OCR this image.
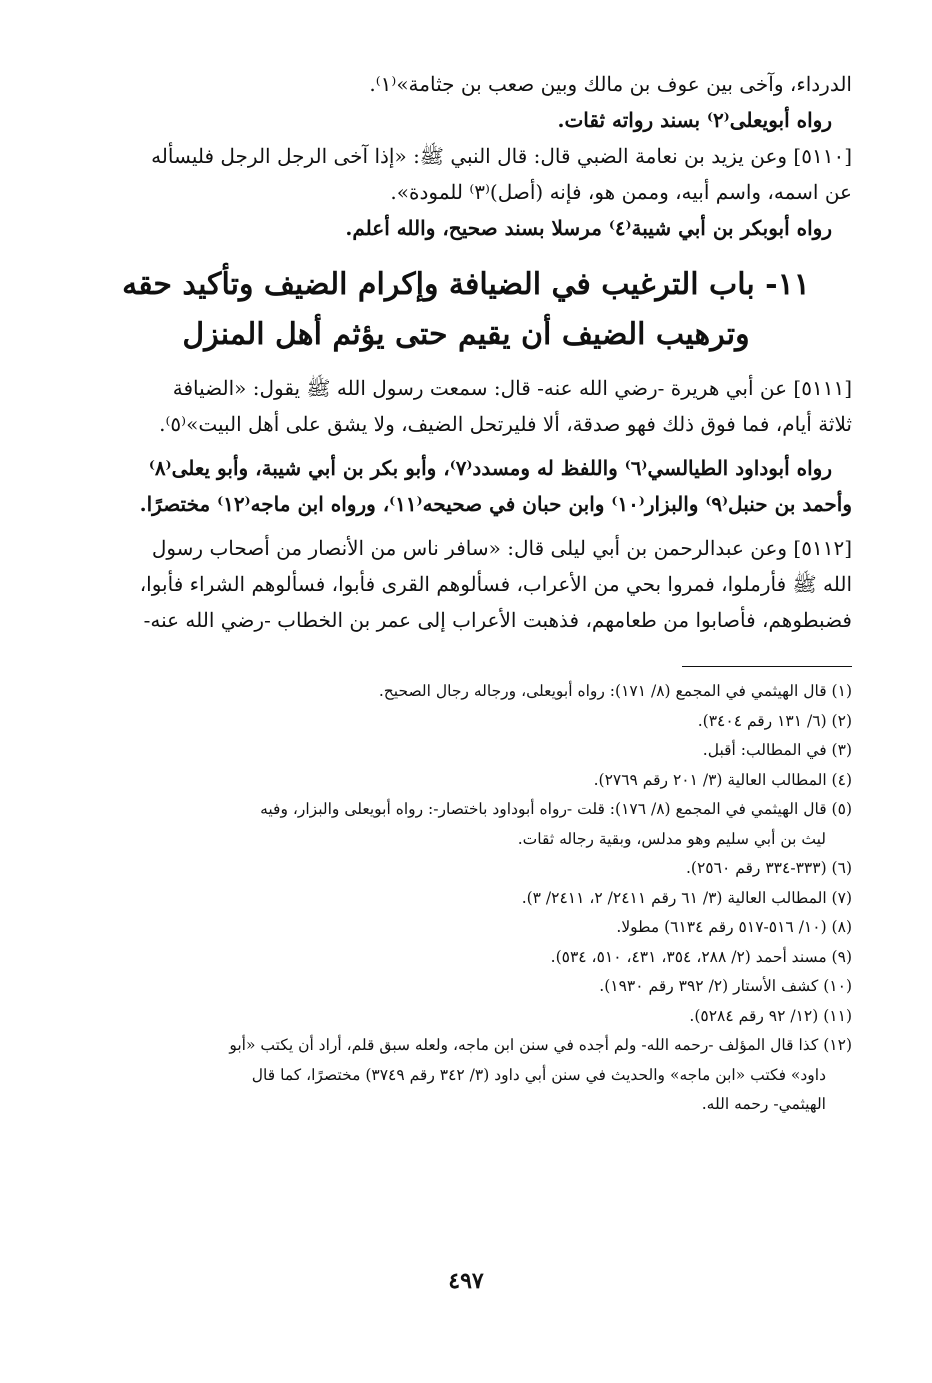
الدرداء، وآخى بين عوف بن مالك وبين صعب بن جثامة»⁽١⁾.
رواه أبويعلى⁽٢⁾ بسند رواته ثقات.
[٥١١٠] وعن يزيد بن نعامة الضبي قال: قال النبي ﷺ: «إذا آخى الرجل الرجل فليسأله
عن اسمه، واسم أبيه، وممن هو، فإنه (أصل)⁽٣⁾ للمودة».
رواه أبوبكر بن أبي شيبة⁽٤⁾ مرسلا بسند صحيح، والله أعلم.
١١- باب الترغيب في الضيافة وإكرام الضيف وتأكيد حقه
وترهيب الضيف أن يقيم حتى يؤثم أهل المنزل
[٥١١١] عن أبي هريرة -رضي الله عنه- قال: سمعت رسول الله ﷺ يقول: «الضيافة
ثلاثة أيام، فما فوق ذلك فهو صدقة، ألا فليرتحل الضيف، ولا يشق على أهل البيت»⁽٥⁾.
رواه أبوداود الطيالسي⁽٦⁾ واللفظ له ومسدد⁽٧⁾، وأبو بكر بن أبي شيبة، وأبو يعلى⁽٨⁾
وأحمد بن حنبل⁽٩⁾ والبزار⁽١٠⁾ وابن حبان في صحيحه⁽١١⁾، ورواه ابن ماجه⁽١٢⁾ مختصرًا.
[٥١١٢] وعن عبدالرحمن بن أبي ليلى قال: «سافر ناس من الأنصار من أصحاب رسول
الله ﷺ فأرملوا، فمروا بحي من الأعراب، فسألوهم القرى فأبوا، فسألوهم الشراء فأبوا،
فضبطوهم، فأصابوا من طعامهم، فذهبت الأعراب إلى عمر بن الخطاب -رضي الله عنه-
(١) قال الهيثمي في المجمع (٨/ ١٧١): رواه أبويعلى، ورجاله رجال الصحيح.
(٢) (٦/ ١٣١ رقم ٣٤٠٤).
(٣) في المطالب: أقبل.
(٤) المطالب العالية (٣/ ٢٠١ رقم ٢٧٦٩).
(٥) قال الهيثمي في المجمع (٨/ ١٧٦): قلت -رواه أبوداود باختصار-: رواه أبويعلى والبزار، وفيه
ليث بن أبي سليم وهو مدلس، وبقية رجاله ثقات.
(٦) (٣٣٣-٣٣٤ رقم ٢٥٦٠).
(٧) المطالب العالية (٣/ ٦١ رقم ٢٤١١/ ٢، ٢٤١١/ ٣).
(٨) (١٠/ ٥١٦-٥١٧ رقم ٦١٣٤) مطولا.
(٩) مسند أحمد (٢/ ٢٨٨، ٣٥٤، ٤٣١، ٥١٠، ٥٣٤).
(١٠) كشف الأستار (٢/ ٣٩٢ رقم ١٩٣٠).
(١١) (١٢/ ٩٢ رقم ٥٢٨٤).
(١٢) كذا قال المؤلف -رحمه الله- ولم أجده في سنن ابن ماجه، ولعله سبق قلم، أراد أن يكتب «أبو
داود» فكتب «ابن ماجه» والحديث في سنن أبي داود (٣/ ٣٤٢ رقم ٣٧٤٩) مختصرًا، كما قال
الهيثمي- رحمه الله.
٤٩٧
